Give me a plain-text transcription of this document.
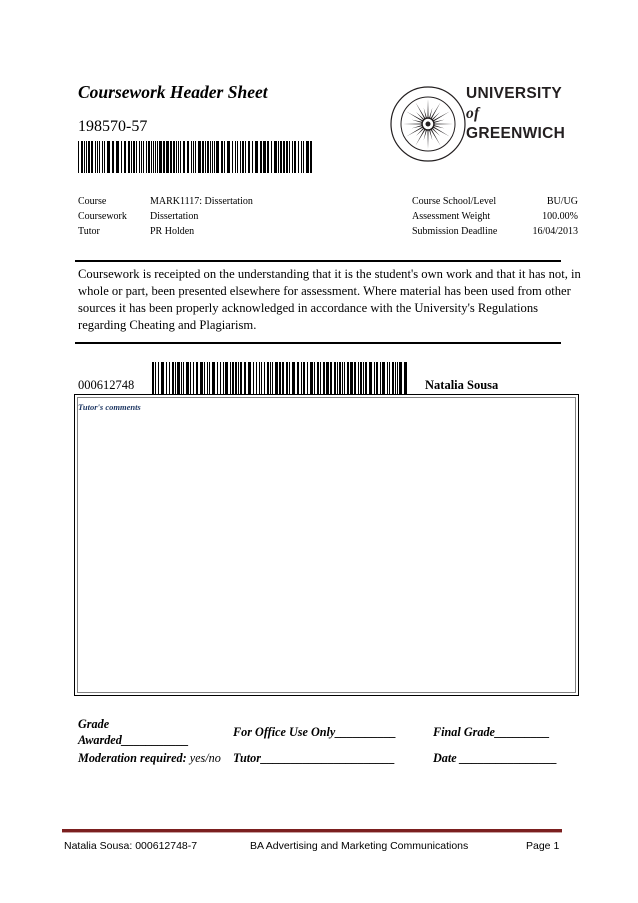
Coursework Header Sheet
198570-57
UNIVERSITY
of
GREENWICH
Course	MARK1117: Dissertation
Coursework Dissertation
Tutor	PR Holden
Course School/Level	BU/UG
Assessment Weight	100.00%
Submission Deadline	16/04/2013
Coursework is receipted on the understanding that it is the student's own work and that it has not, in whole or part, been presented elsewhere for assessment. Where material has been used from other sources it has been properly acknowledged in accordance with the University's Regulations regarding Cheating and Plagiarism.
000612748	Natalia Sousa
Tutor's comments
Grade Awarded___________
For Office Use Only__________	Final Grade_________
Moderation required: yes/no Tutor______________________	Date ________________
Natalia Sousa: 000612748-7	BA Advertising and Marketing Communications	Page 1
